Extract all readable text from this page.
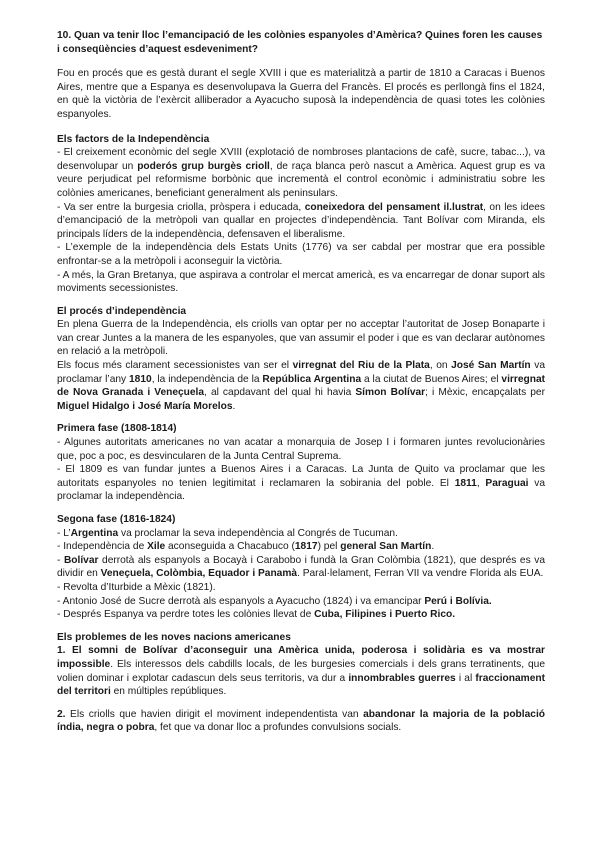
10. Quan va tenir lloc l’emancipació de les colònies espanyoles d’Amèrica? Quines foren les causes i conseqüències d’aquest esdeveniment?

Fou en procés que es gestà durant el segle XVIII i que es materialitzà a partir de 1810 a Caracas i Buenos Aires, mentre que a Espanya es desenvolupava la Guerra del Francès. El procés es perllongà fins el 1824, en què la victòria de l’exèrcit alliberador a Ayacucho suposà la independència de quasi totes les colònies espanyoles.

Els factors de la Independència

- El creixement econòmic del segle XVIII (explotació de nombroses plantacions de cafè, sucre, tabac...), va desenvolupar un poderós grup burgès crioll, de raça blanca però nascut a Amèrica. Aquest grup es va veure perjudicat pel reformisme borbònic que incrementà el control econòmic i administratiu sobre les colònies americanes, beneficiant generalment als peninsulars.

- Va ser entre la burgesia criolla, pròspera i educada, coneixedora del pensament il.lustrat, on les idees d’emancipació de la metròpoli van quallar en projectes d’independència. Tant Bolívar com Miranda, els principals líders de la independència, defensaven el liberalisme.

- L’exemple de la independència dels Estats Units (1776) va ser cabdal per mostrar que era possible enfrontar-se a la metròpoli i aconseguir la victòria.

- A més, la Gran Bretanya, que aspirava a controlar el mercat americà, es va encarregar de donar suport als moviments secessionistes.

El procés d’independència

En plena Guerra de la Independència, els criolls van optar per no acceptar l’autoritat de Josep Bonaparte i van crear Juntes a la manera de les espanyoles, que van assumir el poder i que es van declarar autònomes en relació a la metròpoli.

Els focus més clarament secessionistes van ser el virregnat del Riu de la Plata, on José San Martín va proclamar l’any 1810, la independència de la República Argentina a la ciutat de Buenos Aires; el virregnat de Nova Granada i Veneçuela, al capdavant del qual hi havia Símon Bolívar; i Mèxic, encapçalats per Miguel Hidalgo i José María Morelos.

Primera fase (1808-1814)

- Algunes autoritats americanes no van acatar a monarquia de Josep I i formaren juntes revolucionàries que, poc a poc, es desvincularen de la Junta Central Suprema.

- El 1809 es van fundar juntes a Buenos Aires i a Caracas. La Junta de Quito va proclamar que les autoritats espanyoles no tenien legitimitat i reclamaren la sobirania del poble. El 1811, Paraguai va proclamar la independència.

Segona fase (1816-1824)

- L’Argentina va proclamar la seva independència al Congrés de Tucuman.

- Independència de Xile aconseguida a Chacabuco (1817) pel general San Martín.

- Bolívar derrotà als espanyols a Bocayà i Carabobo i fundà la Gran Colòmbia (1821), que després es va dividir en Veneçuela, Colòmbia, Equador i Panamà. Paral·lelament, Ferran VII va vendre Florida als EUA.

- Revolta d’Iturbide a Mèxic (1821).

- Antonio José de Sucre derrotà als espanyols a Ayacucho (1824) i va emancipar Perú i Bolívia.

- Després Espanya va perdre totes les colònies llevat de Cuba, Filipines i Puerto Rico.

Els problemes de les noves nacions americanes

1. El somni de Bolívar d’aconseguir una Amèrica unida, poderosa i solidària es va mostrar impossible. Els interessos dels cabdills locals, de les burgesies comercials i dels grans terratinents, que volien dominar i explotar cadascun dels seus territoris, va dur a innombrables guerres i al fraccionament del territori en múltiples repúbliques.

2. Els criolls que havien dirigit el moviment independentista van abandonar la majoria de la població índia, negra o pobra, fet que va donar lloc a profundes convulsions socials.
